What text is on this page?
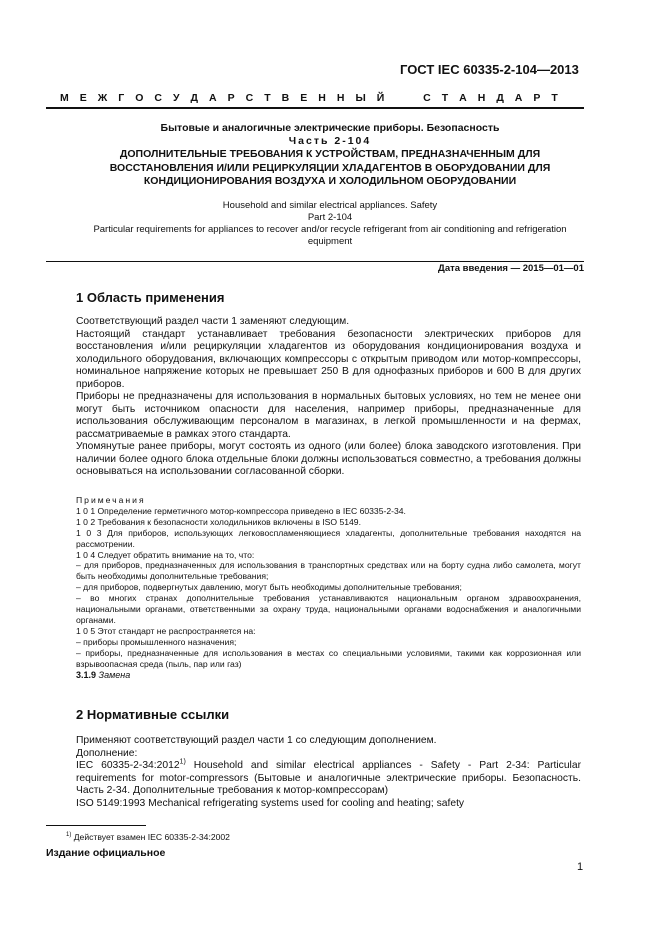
ГОСТ IEC 60335-2-104—2013
М Е Ж Г О С У Д А Р С Т В Е Н Н Ы Й

	С Т А Н Д А Р Т
Бытовые и аналогичные электрические приборы. Безопасность
Часть 2-104
ДОПОЛНИТЕЛЬНЫЕ ТРЕБОВАНИЯ К УСТРОЙСТВАМ, ПРЕДНАЗНАЧЕННЫМ ДЛЯ
ВОССТАНОВЛЕНИЯ И/ИЛИ РЕЦИРКУЛЯЦИИ ХЛАДАГЕНТОВ В ОБОРУДОВАНИИ ДЛЯ
КОНДИЦИОНИРОВАНИЯ ВОЗДУХА И ХОЛОДИЛЬНОМ ОБОРУДОВАНИИ
Household and similar electrical appliances. Safety
Part 2-104
Particular requirements for appliances to recover and/or recycle refrigerant from air conditioning and refrigeration
equipment
Дата введения — 2015—01—01
1 Область применения

Соответствующий раздел части 1 заменяют следующим.

Настоящий стандарт устанавливает требования безопасности электрических приборов для восстановления и/или рециркуляции хладагентов из оборудования кондиционирования воздуха и холодильного оборудования, включающих компрессоры с открытым приводом или мотор-компрессоры, номинальное напряжение которых не превышает 250 В для однофазных приборов и 600 В для других приборов.

Приборы не предназначены для использования в нормальных бытовых условиях, но тем не менее они могут быть источником опасности для населения, например приборы, предназначенные для использования обслуживающим персоналом в магазинах, в легкой промышленности и на фермах, рассматриваемые в рамках этого стандарта.

Упомянутые ранее приборы, могут состоять из одного (или более) блока заводского изготовления. При наличии более одного блока отдельные блоки должны использоваться совместно, а требования должны основываться на использовании согласованной сборки.

Примечания

1 0 1 Определение герметичного мотор-компрессора приведено в IEC 60335-2-34.

1 0 2 Требования к безопасности холодильников включены в ISO 5149.

1 0 3 Для приборов, использующих легковоспламеняющиеся хладагенты, дополнительные требования находятся на рассмотрении.

1 0 4 Следует обратить внимание на то, что:

– для приборов, предназначенных для использования в транспортных средствах или на борту судна либо самолета, могут быть необходимы дополнительные требования;

– для приборов, подвергнутых давлению, могут быть необходимы дополнительные требования;

– во многих странах дополнительные требования устанавливаются национальным органом здравоохранения, национальными органами, ответственными за охрану труда, национальными органами водоснабжения и аналогичными органами.

1 0 5 Этот стандарт не распространяется на:

– приборы промышленного назначения;

– приборы, предназначенные для использования в местах со специальными условиями, такими как коррозионная или взрывоопасная среда (пыль, пар или газ)

3.1.9 Замена

2 Нормативные ссылки

Применяют соответствующий раздел части 1 со следующим дополнением.

Дополнение:

IEC 60335-2-34:2012$^{1)}$ Household and similar electrical appliances - Safety - Part 2-34: Particular requirements for motor-compressors (Бытовые и аналогичные электрические приборы. Безопасность. Часть 2-34. Дополнительные требования к мотор-компрессорам)

ISO 5149:1993 Mechanical refrigerating systems used for cooling and heating; safety

$^{1)}$ Действует взамен IEC 60335-2-34:2002
Издание официальное
1
